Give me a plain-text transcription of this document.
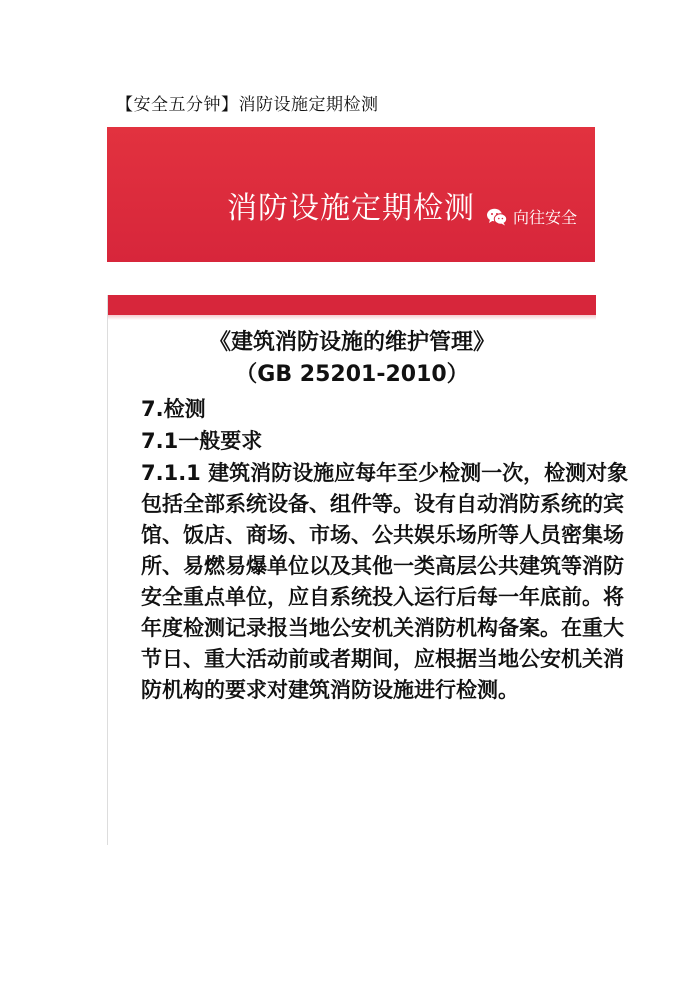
【安全五分钟】消防设施定期检测
消防设施定期检测	向往安全
《建筑消防设施的维护管理》
（GB 25201-2010）
7.检测
7.1一般要求
7.1.1 建筑消防设施应每年至少检测一次，检测对象
包括全部系统设备、组件等。设有自动消防系统的宾
馆、饭店、商场、市场、公共娱乐场所等人员密集场
所、易燃易爆单位以及其他一类高层公共建筑等消防
安全重点单位，应自系统投入运行后每一年底前。将
年度检测记录报当地公安机关消防机构备案。在重大
节日、重大活动前或者期间，应根据当地公安机关消
防机构的要求对建筑消防设施进行检测。
